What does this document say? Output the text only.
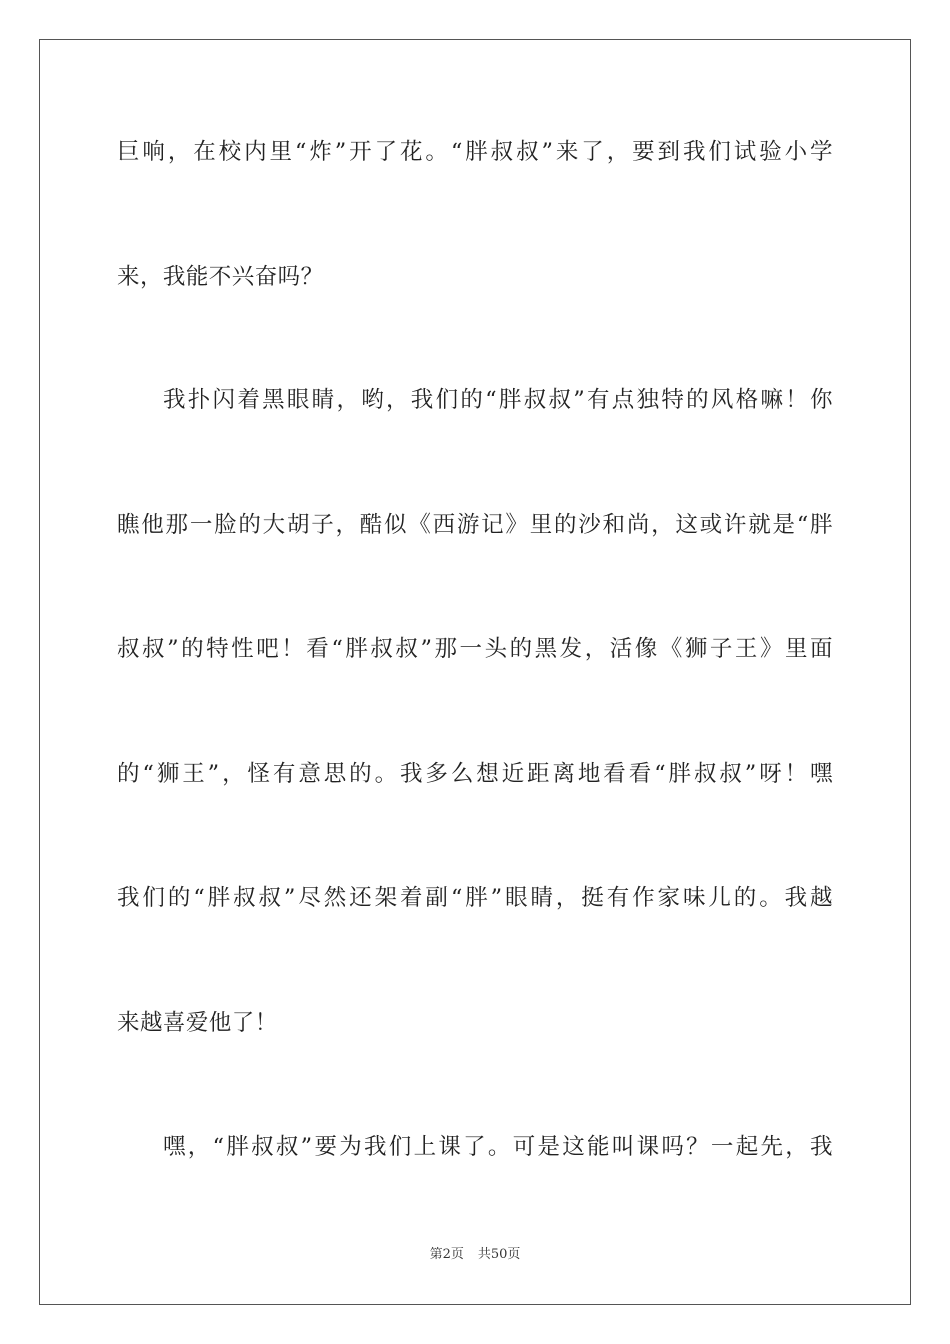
巨响，在校内里“炸”开了花。“胖叔叔”来了，要到我们试验小学
来，我能不兴奋吗？
我扑闪着黑眼睛，哟，我们的“胖叔叔”有点独特的风格嘛！你
瞧他那一脸的大胡子，酷似《西游记》里的沙和尚，这或许就是“胖
叔叔”的特性吧！看“胖叔叔”那一头的黑发，活像《狮子王》里面
的“狮王”，怪有意思的。我多么想近距离地看看“胖叔叔”呀！嘿
我们的“胖叔叔”尽然还架着副“胖”眼睛，挺有作家味儿的。我越
来越喜爱他了！
嘿，“胖叔叔”要为我们上课了。可是这能叫课吗？一起先，我
第2页 共50页
